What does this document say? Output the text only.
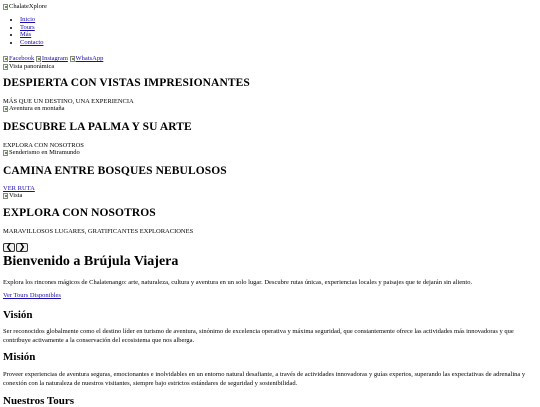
ChalateXplore
• Inicio
• Tours
• Más
• Contacto
Facebook
Instagram
WhatsApp
Vista panorámica
DESPIERTA CON VISTAS IMPRESIONANTES
MÁS QUE UN DESTINO, UNA EXPERIENCIA
Aventura en montaña
DESCUBRE LA PALMA Y SU ARTE
EXPLORA CON NOSOTROS
Senderismo en Miramundo
CAMINA ENTRE BOSQUES NEBULOSOS
VER RUTA
Vista
EXPLORA CON NOSOTROS
MARAVILLOSOS LUGARES, GRATIFICANTES EXPLORACIONES
❮ ❯
Bienvenido a Brújula Viajera

Explora los rincones mágicos de Chalatenango: arte, naturaleza, cultura y aventura en un solo lugar. Descubre rutas únicas, experiencias locales y paisajes que te dejarán sin aliento.

Ver Tours Disponibles
Visión

Ser reconocidos globalmente como el destino líder en turismo de aventura, sinónimo de excelencia operativa y máxima seguridad, que constantemente ofrece las actividades más innovadoras y que contribuye activamente a la conservación del ecosistema que nos alberga.

Misión

Proveer experiencias de aventura seguras, emocionantes e inolvidables en un entorno natural desafiante, a través de actividades innovadoras y guías expertos, superando las expectativas de adrenalina y conexión con la naturaleza de nuestros visitantes, siempre bajo estrictos estándares de seguridad y sostenibilidad.

Nuestros Tours
